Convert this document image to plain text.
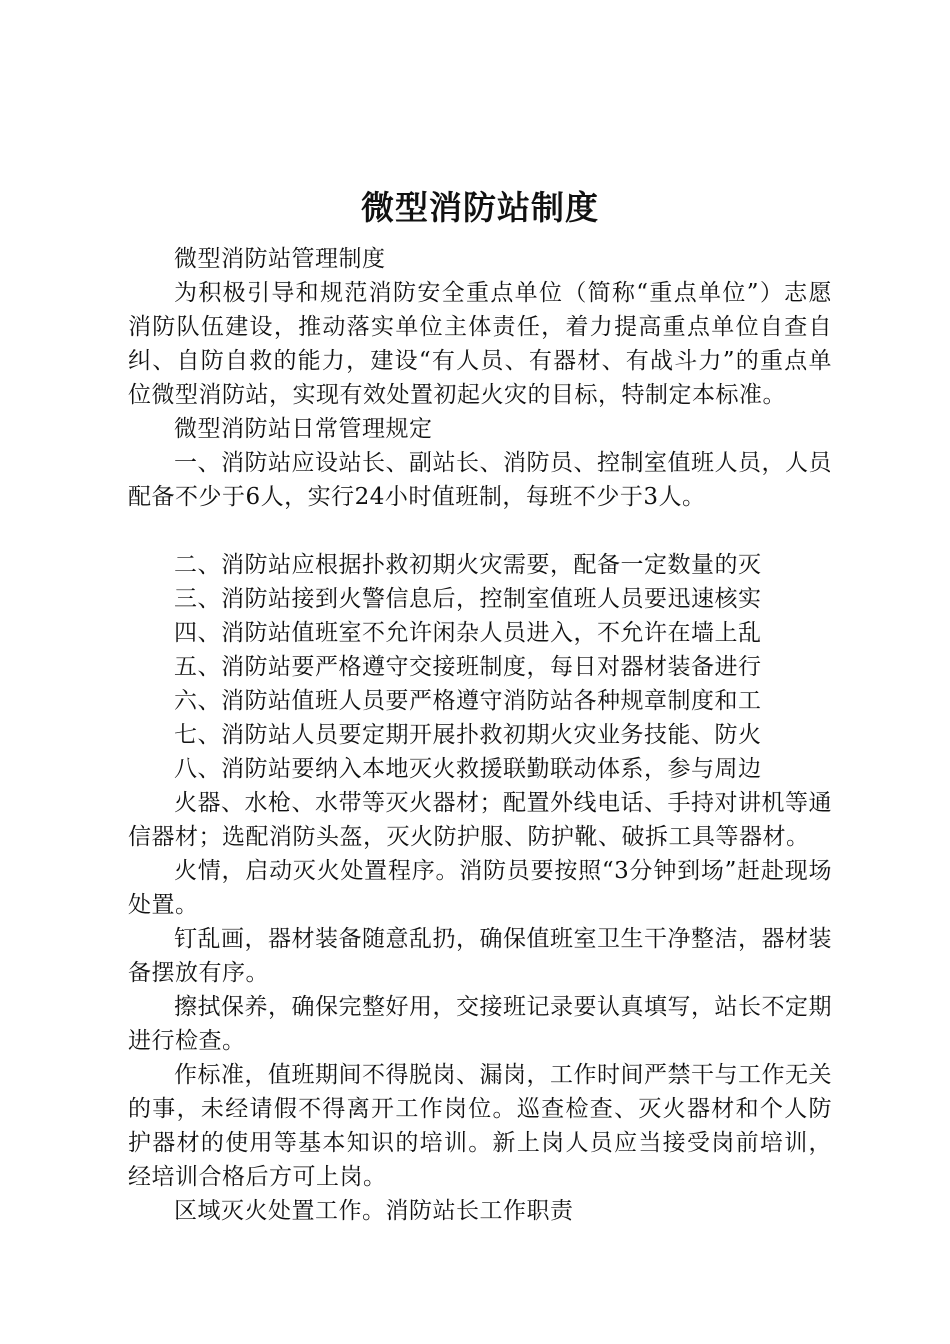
微型消防站制度

微型消防站管理制度

为积极引导和规范消防安全重点单位（简称“重点单位”）志愿消防队伍建设，推动落实单位主体责任，着力提高重点单位自查自纠、自防自救的能力，建设“有人员、有器材、有战斗力”的重点单位微型消防站，实现有效处置初起火灾的目标，特制定本标准。

微型消防站日常管理规定

一、消防站应设站长、副站长、消防员、控制室值班人员，人员配备不少于6人，实行24小时值班制，每班不少于3人。

二、消防站应根据扑救初期火灾需要，配备一定数量的灭

三、消防站接到火警信息后，控制室值班人员要迅速核实

四、消防站值班室不允许闲杂人员进入，不允许在墙上乱

五、消防站要严格遵守交接班制度，每日对器材装备进行

六、消防站值班人员要严格遵守消防站各种规章制度和工

七、消防站人员要定期开展扑救初期火灾业务技能、防火

八、消防站要纳入本地灭火救援联勤联动体系，参与周边

火器、水枪、水带等灭火器材；配置外线电话、手持对讲机等通信器材；选配消防头盔，灭火防护服、防护靴、破拆工具等器材。

火情，启动灭火处置程序。消防员要按照“3分钟到场”赶赴现场处置。

钉乱画，器材装备随意乱扔，确保值班室卫生干净整洁，器材装备摆放有序。

擦拭保养，确保完整好用，交接班记录要认真填写，站长不定期进行检查。

作标准，值班期间不得脱岗、漏岗，工作时间严禁干与工作无关的事，未经请假不得离开工作岗位。巡查检查、灭火器材和个人防护器材的使用等基本知识的培训。新上岗人员应当接受岗前培训，经培训合格后方可上岗。

区域灭火处置工作。消防站长工作职责
